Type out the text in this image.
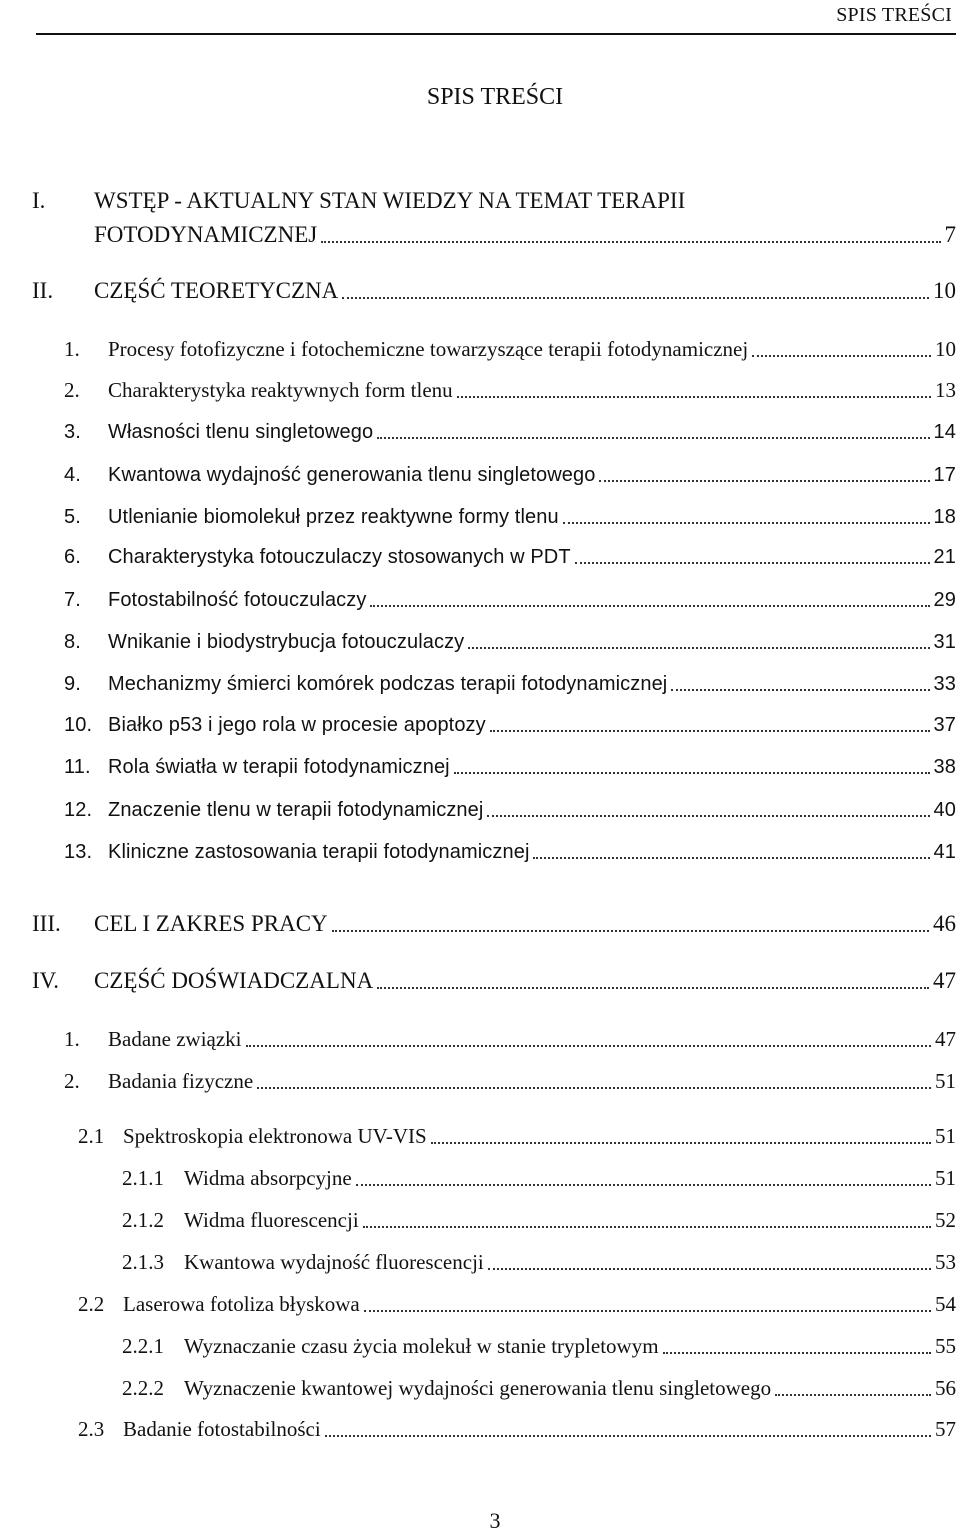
SPIS TREŚCI
SPIS TREŚCI
I. WSTĘP - AKTUALNY STAN WIEDZY NA TEMAT TERAPII
FOTODYNAMICZNEJ	7
II. CZĘŚĆ TEORETYCZNA	10
1. Procesy fotofizyczne i fotochemiczne towarzyszące terapii fotodynamicznej	10
2. Charakterystyka reaktywnych form tlenu	13
3. Własności tlenu singletowego	14
4. Kwantowa wydajność generowania tlenu singletowego	17
5. Utlenianie biomolekuł przez reaktywne formy tlenu	18
6. Charakterystyka fotouczulaczy stosowanych w PDT	21
7. Fotostabilność fotouczulaczy	29
8. Wnikanie i biodystrybucja fotouczulaczy	31
9. Mechanizmy śmierci komórek podczas terapii fotodynamicznej	33
10. Białko p53 i jego rola w procesie apoptozy	37
11. Rola światła w terapii fotodynamicznej	38
12. Znaczenie tlenu w terapii fotodynamicznej	40
13. Kliniczne zastosowania terapii fotodynamicznej	41
III. CEL I ZAKRES PRACY	46
IV. CZĘŚĆ DOŚWIADCZALNA	47
1. Badane związki	47
2. Badania fizyczne	51
2.1 Spektroskopia elektronowa UV-VIS	51
2.1.1 Widma absorpcyjne	51
2.1.2 Widma fluorescencji	52
2.1.3 Kwantowa wydajność fluorescencji	53
2.2 Laserowa fotoliza błyskowa	54
2.2.1 Wyznaczanie czasu życia molekuł w stanie trypletowym	55
2.2.2 Wyznaczenie kwantowej wydajności generowania tlenu singletowego	56
2.3 Badanie fotostabilności	57
3
